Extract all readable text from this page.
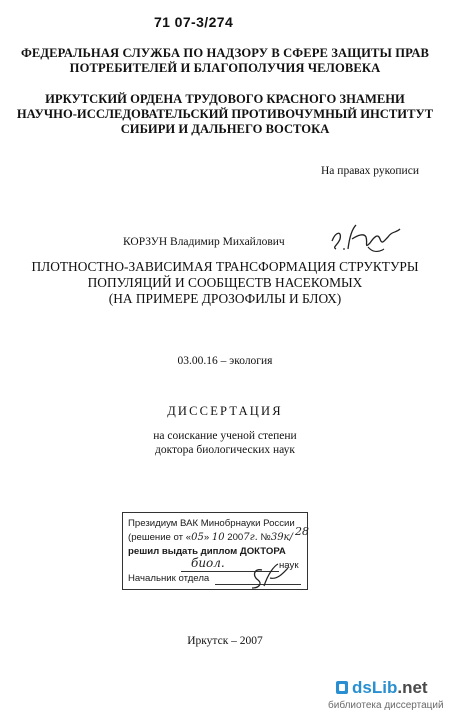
71 07-3/274
ФЕДЕРАЛЬНАЯ СЛУЖБА ПО НАДЗОРУ В СФЕРЕ ЗАЩИТЫ ПРАВ
ПОТРЕБИТЕЛЕЙ И БЛАГОПОЛУЧИЯ ЧЕЛОВЕКА
ИРКУТСКИЙ ОРДЕНА ТРУДОВОГО КРАСНОГО ЗНАМЕНИ
НАУЧНО-ИССЛЕДОВАТЕЛЬСКИЙ ПРОТИВОЧУМНЫЙ ИНСТИТУТ
СИБИРИ И ДАЛЬНЕГО ВОСТОКА
На правах рукописи
КОРЗУН Владимир Михайлович
ПЛОТНОСТНО-ЗАВИСИМАЯ ТРАНСФОРМАЦИЯ СТРУКТУРЫ
ПОПУЛЯЦИЙ И СООБЩЕСТВ НАСЕКОМЫХ
(НА ПРИМЕРЕ ДРОЗОФИЛЫ И БЛОХ)
03.00.16 – экология
ДИССЕРТАЦИЯ
на соискание ученой степени
доктора биологических наук
Президиум ВАК Минобрнауки России
(решение от «05» 10 2007г. №39к/ 28
решил выдать диплом ДОКТОРА
биол.	наук
Начальник отдела
Иркутск – 2007
dsLib.net
библиотека диссертаций
